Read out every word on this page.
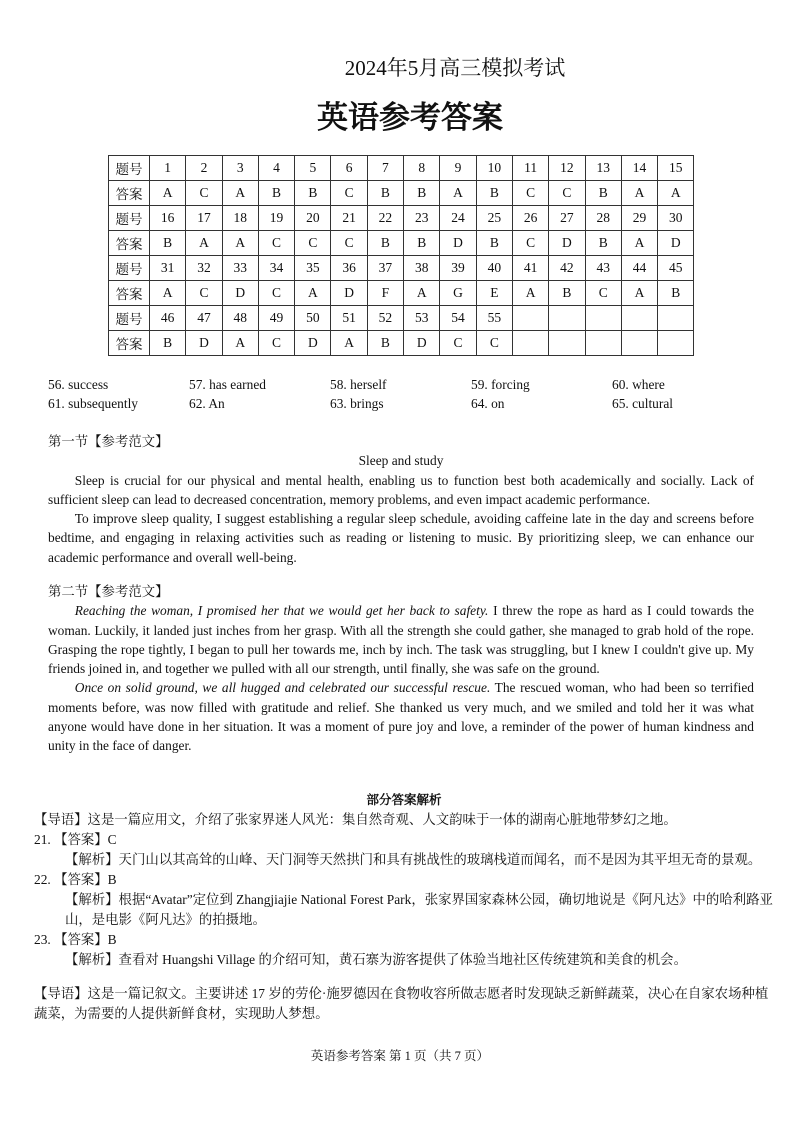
2024年5月高三模拟考试
英语参考答案
题号	1	2	3	4	5	6	7	8	9	10	11	12	13	14	15
答案	A	C	A	B	B	C	B	B	A	B	C	C	B	A	A
题号	16	17	18	19	20	21	22	23	24	25	26	27	28	29	30
答案	B	A	A	C	C	C	B	B	D	B	C	D	B	A	D
题号	31	32	33	34	35	36	37	38	39	40	41	42	43	44	45
答案	A	C	D	C	A	D	F	A	G	E	A	B	C	A	B
题号	46	47	48	49	50	51	52	53	54	55					
答案	B	D	A	C	D	A	B	D	C	C					
56. success	57. has earned	58. herself	59. forcing	60. where
61. subsequently	62. An	63. brings	64. on	65. cultural
第一节【参考范文】
Sleep and study

Sleep is crucial for our physical and mental health, enabling us to function best both academically and socially. Lack of sufficient sleep can lead to decreased concentration, memory problems, and even impact academic performance.

To improve sleep quality, I suggest establishing a regular sleep schedule, avoiding caffeine late in the day and screens before bedtime, and engaging in relaxing activities such as reading or listening to music. By prioritizing sleep, we can enhance our academic performance and overall well-being.

第二节【参考范文】

Reaching the woman, I promised her that we would get her back to safety. I threw the rope as hard as I could towards the woman. Luckily, it landed just inches from her grasp. With all the strength she could gather, she managed to grab hold of the rope. Grasping the rope tightly, I began to pull her towards me, inch by inch. The task was struggling, but I knew I couldn't give up. My friends joined in, and together we pulled with all our strength, until finally, she was safe on the ground.

Once on solid ground, we all hugged and celebrated our successful rescue. The rescued woman, who had been so terrified moments before, was now filled with gratitude and relief. She thanked us very much, and we smiled and told her it was what anyone would have done in her situation. It was a moment of pure joy and love, a reminder of the power of human kindness and unity in the face of danger.

部分答案解析
【导语】这是一篇应用文，介绍了张家界迷人风光：集自然奇观、人文韵味于一体的湖南心脏地带梦幻之地。
21. 【答案】C
【解析】天门山以其高耸的山峰、天门洞等天然拱门和具有挑战性的玻璃栈道而闻名，而不是因为其平坦无奇的景观。
22. 【答案】B
【解析】根据“Avatar”定位到 Zhangjiajie National Forest Park，张家界国家森林公园，确切地说是《阿凡达》中的哈利路亚山，是电影《阿凡达》的拍摄地。
23. 【答案】B
【解析】查看对 Huangshi Village 的介绍可知，黄石寨为游客提供了体验当地社区传统建筑和美食的机会。
【导语】这是一篇记叙文。主要讲述 17 岁的劳伦·施罗德因在食物收容所做志愿者时发现缺乏新鲜蔬菜，决心在自家农场种植蔬菜，为需要的人提供新鲜食材，实现助人梦想。
英语参考答案 第 1 页（共 7 页）
